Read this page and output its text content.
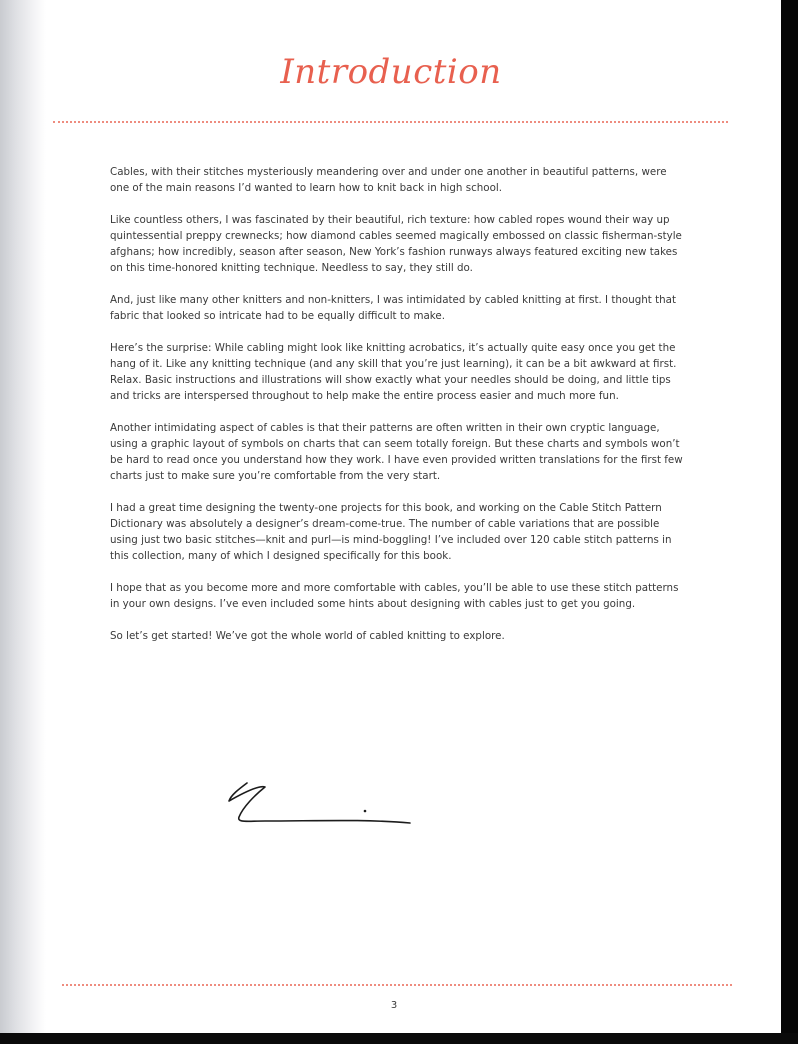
Introduction

Cables, with their stitches mysteriously meandering over and under one another in beautiful patterns, were one of the main reasons I’d wanted to learn how to knit back in high school.

Like countless others, I was fascinated by their beautiful, rich texture: how cabled ropes wound their way up quintessential preppy crewnecks; how diamond cables seemed magically embossed on classic fisherman-style afghans; how incredibly, season after season, New York’s fashion runways always featured exciting new takes on this time-honored knitting technique. Needless to say, they still do.

And, just like many other knitters and non-knitters, I was intimidated by cabled knitting at first. I thought that fabric that looked so intricate had to be equally difficult to make.

Here’s the surprise: While cabling might look like knitting acrobatics, it’s actually quite easy once you get the hang of it. Like any knitting technique (and any skill that you’re just learning), it can be a bit awkward at first. Relax. Basic instructions and illustrations will show exactly what your needles should be doing, and little tips and tricks are interspersed throughout to help make the entire process easier and much more fun.

Another intimidating aspect of cables is that their patterns are often written in their own cryptic language, using a graphic layout of symbols on charts that can seem totally foreign. But these charts and symbols won’t be hard to read once you understand how they work. I have even provided written translations for the first few charts just to make sure you’re comfortable from the very start.

I had a great time designing the twenty-one projects for this book, and working on the Cable Stitch Pattern Dictionary was absolutely a designer’s dream-come-true. The number of cable variations that are possible using just two basic stitches—knit and purl—is mind-boggling! I’ve included over 120 cable stitch patterns in this collection, many of which I designed specifically for this book.

I hope that as you become more and more comfortable with cables, you’ll be able to use these stitch patterns in your own designs. I’ve even included some hints about designing with cables just to get you going.

So let’s get started! We’ve got the whole world of cabled knitting to explore.

3
